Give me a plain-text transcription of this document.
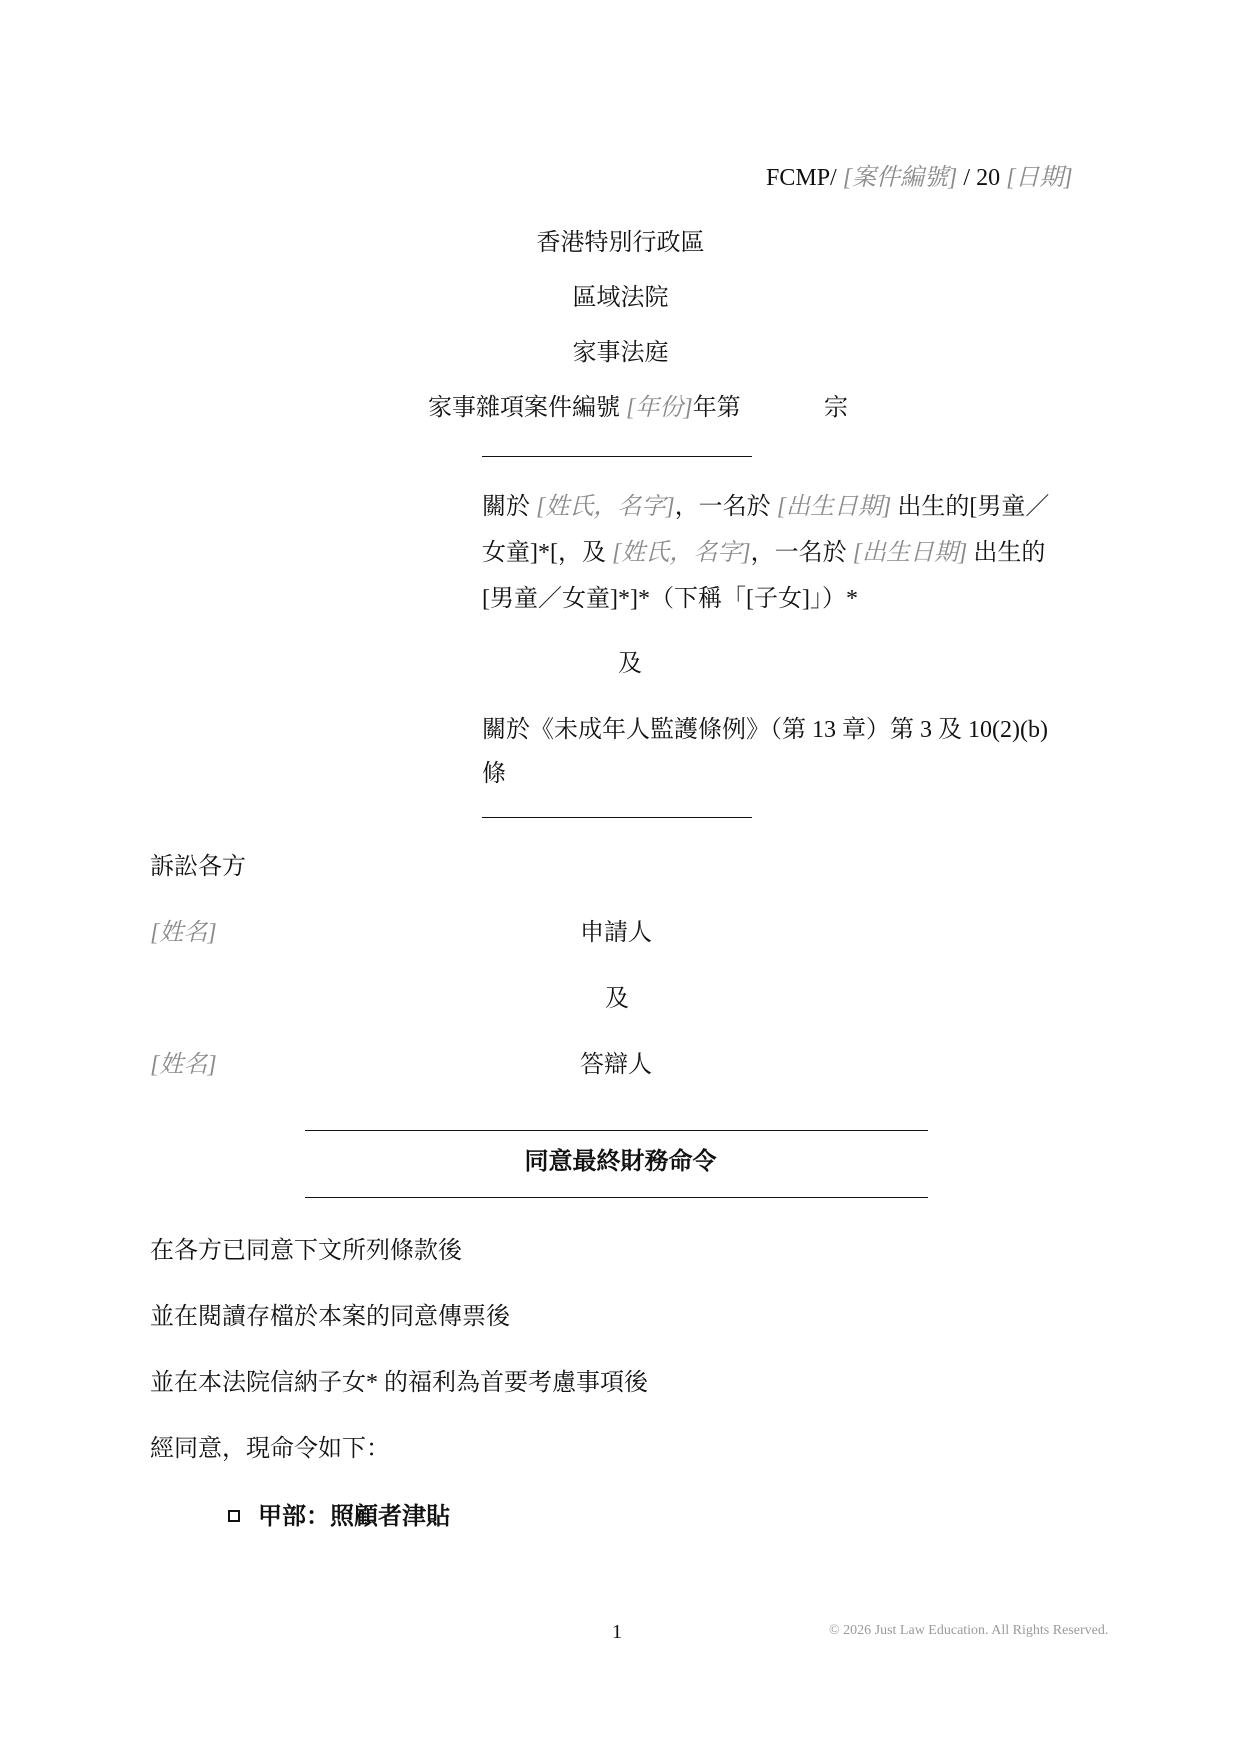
FCMP/ [案件編號] / 20 [日期]
香港特別行政區
區域法院
家事法庭
家事雜項案件編號 [年份]年第	宗
關於 [姓氏，名字]，一名於 [出生日期] 出生的[男童／
女童]*[，及 [姓氏，名字]，一名於 [出生日期] 出生的
[男童／女童]*]*（下稱「[子女]」）*
及
關於《未成年人監護條例》（第 13 章）第 3 及 10(2)(b)
條
訴訟各方
[姓名]	申請人
及
[姓名]	答辯人
同意最終財務命令
在各方已同意下文所列條款後
並在閱讀存檔於本案的同意傳票後
並在本法院信納子女* 的福利為首要考慮事項後
經同意，現命令如下：
甲部：照顧者津貼
1	© 2026 Just Law Education. All Rights Reserved.
